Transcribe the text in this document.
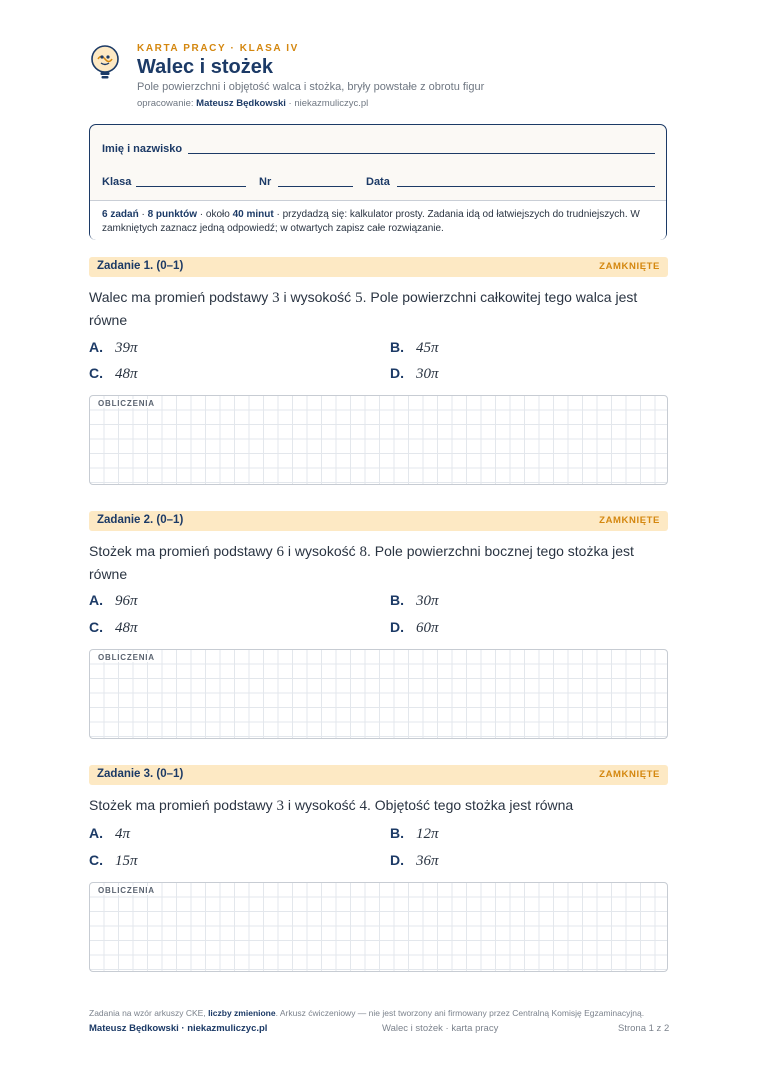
KARTA PRACY · KLASA IV
Walec i stożek
Pole powierzchni i objętość walca i stożka, bryły powstałe z obrotu figur
opracowanie: Mateusz Będkowski · niekazmuliczyc.pl
Imię i nazwisko
Klasa	Nr	Data
6 zadań · 8 punktów · około 40 minut · przydadzą się: kalkulator prosty. Zadania idą od łatwiejszych do trudniejszych. W zamkniętych zaznacz jedną odpowiedź; w otwartych zapisz całe rozwiązanie.
Zadanie 1. (0–1)	ZAMKNIĘTE
Walec ma promień podstawy 3 i wysokość 5. Pole powierzchni całkowitej tego walca jest równe
A. 39π	B. 45π
C. 48π	D. 30π
OBLICZENIA
Zadanie 2. (0–1)	ZAMKNIĘTE
Stożek ma promień podstawy 6 i wysokość 8. Pole powierzchni bocznej tego stożka jest równe
A. 96π	B. 30π
C. 48π	D. 60π
OBLICZENIA
Zadanie 3. (0–1)	ZAMKNIĘTE
Stożek ma promień podstawy 3 i wysokość 4. Objętość tego stożka jest równa
A. 4π	B. 12π
C. 15π	D. 36π
OBLICZENIA
Zadania na wzór arkuszy CKE, liczby zmienione. Arkusz ćwiczeniowy — nie jest tworzony ani firmowany przez Centralną Komisję Egzaminacyjną.
Mateusz Będkowski · niekazmuliczyc.pl	Walec i stożek · karta pracy	Strona 1 z 2
